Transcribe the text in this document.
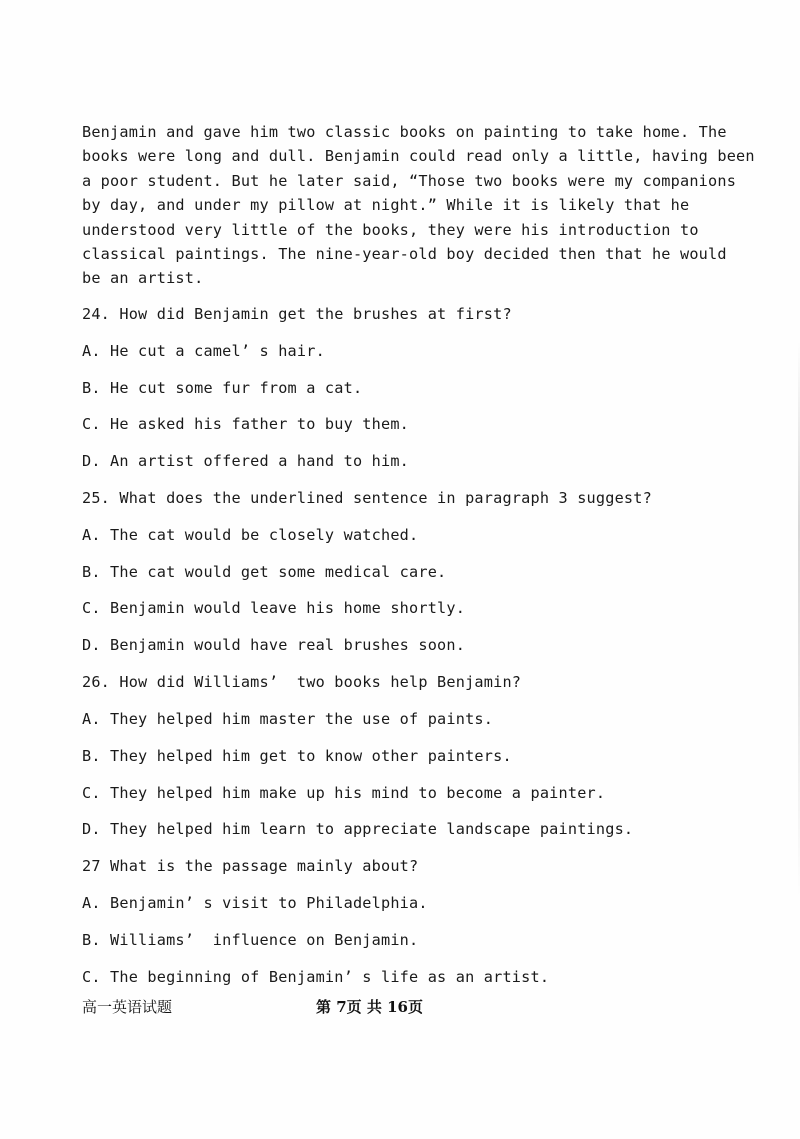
Benjamin and gave him two classic books on painting to take home. The
books were long and dull. Benjamin could read only a little, having been
a poor student. But he later said, “Those two books were my companions
by day, and under my pillow at night.” While it is likely that he
understood very little of the books, they were his introduction to
classical paintings. The nine-year-old boy decided then that he would
be an artist.
24. How did Benjamin get the brushes at first?
A. He cut a camel’ s hair.
B. He cut some fur from a cat.
C. He asked his father to buy them.
D. An artist offered a hand to him.
25. What does the underlined sentence in paragraph 3 suggest?
A. The cat would be closely watched.
B. The cat would get some medical care.
C. Benjamin would leave his home shortly.
D. Benjamin would have real brushes soon.
26. How did Williams’  two books help Benjamin?
A. They helped him master the use of paints.
B. They helped him get to know other painters.
C. They helped him make up his mind to become a painter.
D. They helped him learn to appreciate landscape paintings.
27 What is the passage mainly about?
A. Benjamin’ s visit to Philadelphia.
B. Williams’  influence on Benjamin.
C. The beginning of Benjamin’ s life as an artist.
高一英语试题	第 7页 共 16页
